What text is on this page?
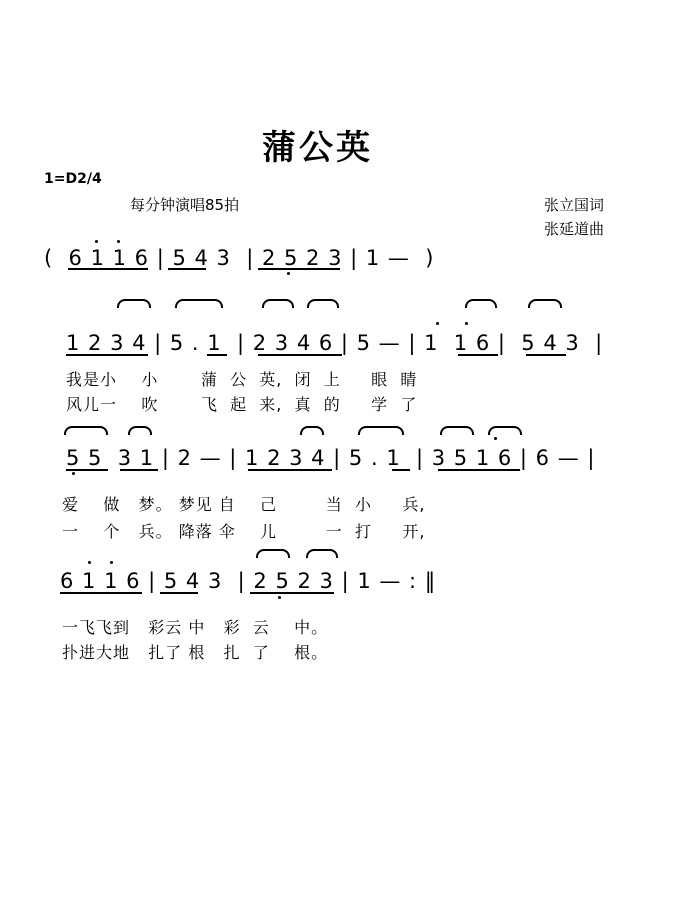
蒲公英
1=D2/4
每分钟演唱85拍	张立国词
张延道曲
(  6 1 1 6 | 5 4 3  | 2 5 2 3 | 1 —  )
1 2 3 4 | 5 . 1  | 2 3 4 6 | 5 — | 1  1 6 |  5 4 3  |
我是小    小       蒲  公  英,  闭  上     眼  睛
风儿一    吹       飞  起  来,  真  的     学  了
5 5  3 1 | 2 — | 1 2 3 4 | 5 . 1  | 3 5 1 6 | 6 — |
爱    做   梦。 梦见 自    己        当  小     兵,
一    个   兵。 降落 伞    儿        一  打     开,
6 1 1 6 | 5 4 3  | 2 5 2 3 | 1 — : ‖
一飞飞到   彩云 中   彩  云    中。
扑进大地   扎了 根   扎  了    根。
